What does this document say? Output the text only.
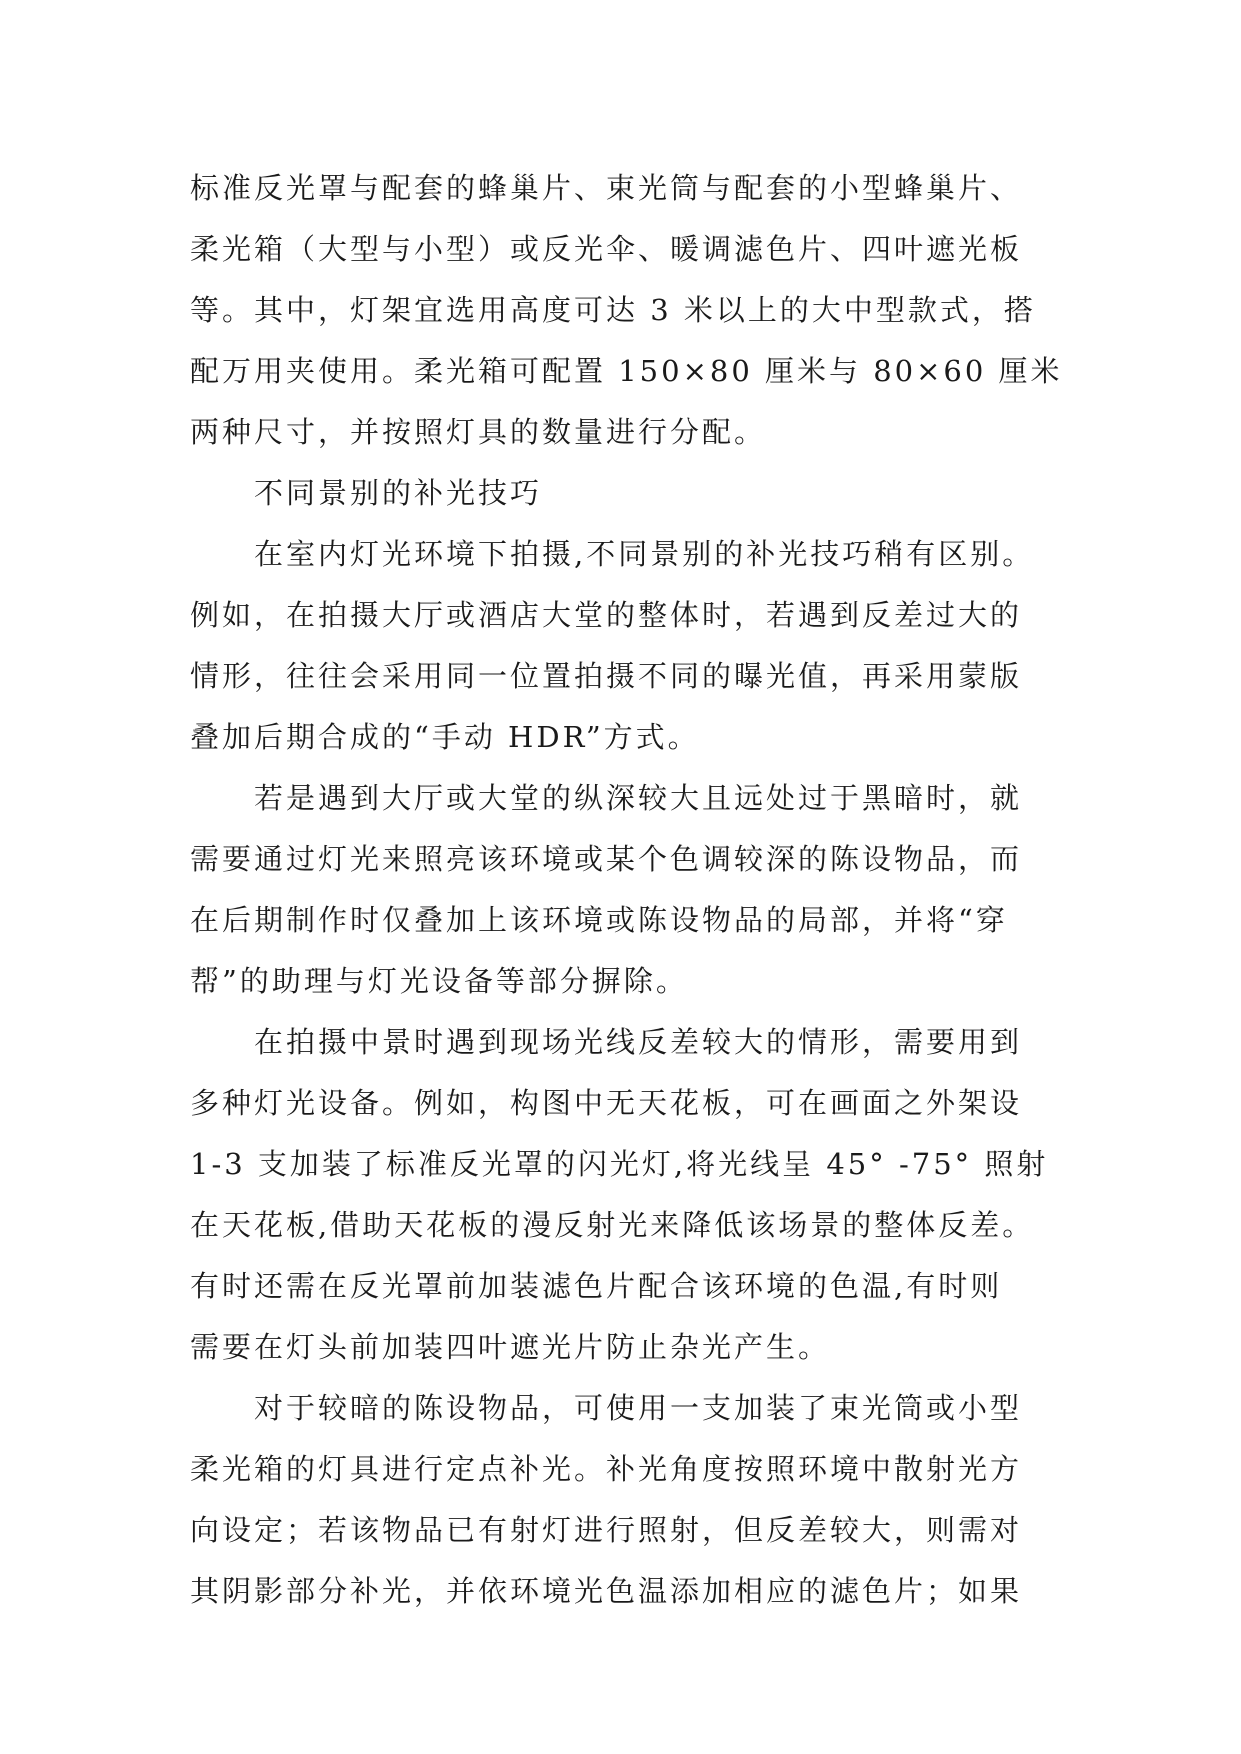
标准反光罩与配套的蜂巢片、束光筒与配套的小型蜂巢片、
柔光箱（大型与小型）或反光伞、暖调滤色片、四叶遮光板
等。其中，灯架宜选用高度可达 3 米以上的大中型款式，搭
配万用夹使用。柔光箱可配置 150×80 厘米与 80×60 厘米
两种尺寸，并按照灯具的数量进行分配。

　　不同景别的补光技巧

　　在室内灯光环境下拍摄,不同景别的补光技巧稍有区别。
例如，在拍摄大厅或酒店大堂的整体时，若遇到反差过大的
情形，往往会采用同一位置拍摄不同的曝光值，再采用蒙版
叠加后期合成的“手动 HDR”方式。

　　若是遇到大厅或大堂的纵深较大且远处过于黑暗时，就
需要通过灯光来照亮该环境或某个色调较深的陈设物品，而
在后期制作时仅叠加上该环境或陈设物品的局部，并将“穿
帮”的助理与灯光设备等部分摒除。

　　在拍摄中景时遇到现场光线反差较大的情形，需要用到
多种灯光设备。例如，构图中无天花板，可在画面之外架设
1-3 支加装了标准反光罩的闪光灯,将光线呈 45° -75° 照射
在天花板,借助天花板的漫反射光来降低该场景的整体反差。
有时还需在反光罩前加装滤色片配合该环境的色温,有时则
需要在灯头前加装四叶遮光片防止杂光产生。

　　对于较暗的陈设物品，可使用一支加装了束光筒或小型
柔光箱的灯具进行定点补光。补光角度按照环境中散射光方
向设定；若该物品已有射灯进行照射，但反差较大，则需对
其阴影部分补光，并依环境光色温添加相应的滤色片；如果
